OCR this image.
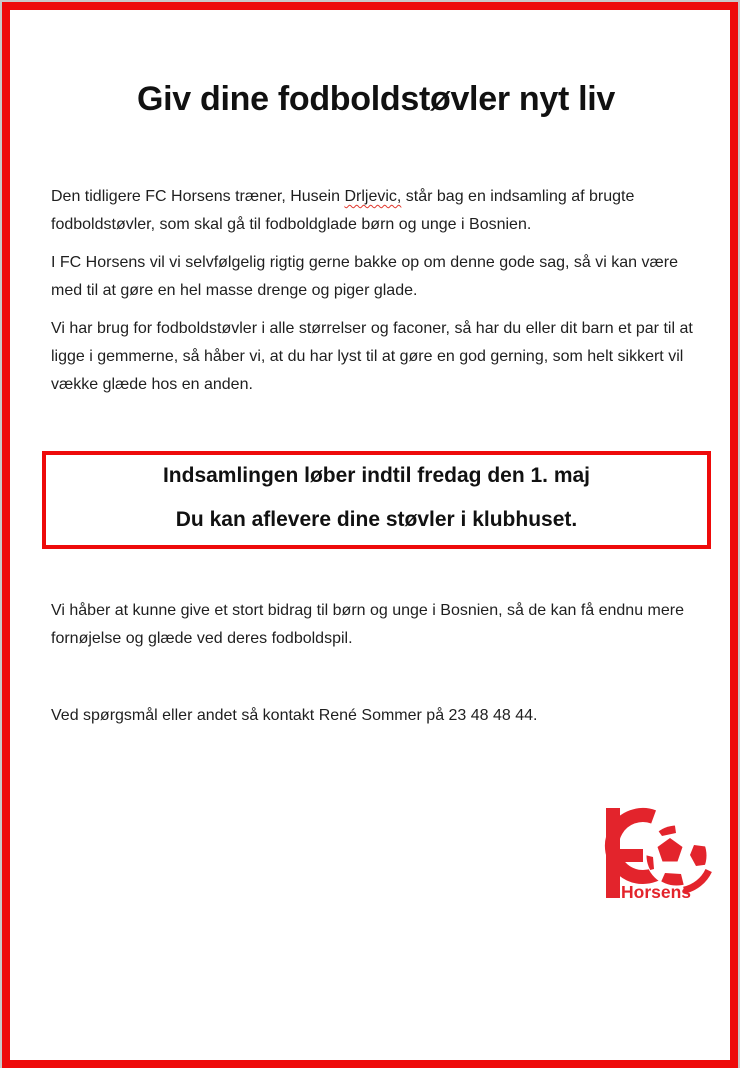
Giv dine fodboldstøvler nyt liv

Den tidligere FC Horsens træner, Husein Drljevic, står bag en indsamling af brugte fodboldstøvler, som skal gå til fodboldglade børn og unge i Bosnien.

I FC Horsens vil vi selvfølgelig rigtig gerne bakke op om denne gode sag, så vi kan være med til at gøre en hel masse drenge og piger glade.

Vi har brug for fodboldstøvler i alle størrelser og faconer, så har du eller dit barn et par til at ligge i gemmerne, så håber vi, at du har lyst til at gøre en god gerning, som helt sikkert vil vække glæde hos en anden.

Indsamlingen løber indtil fredag den 1. maj

Du kan aflevere dine støvler i klubhuset.

Vi håber at kunne give et stort bidrag til børn og unge i Bosnien, så de kan få endnu mere fornøjelse og glæde ved deres fodboldspil.

Ved spørgsmål eller andet så kontakt René Sommer på 23 48 48 44.

Horsens
